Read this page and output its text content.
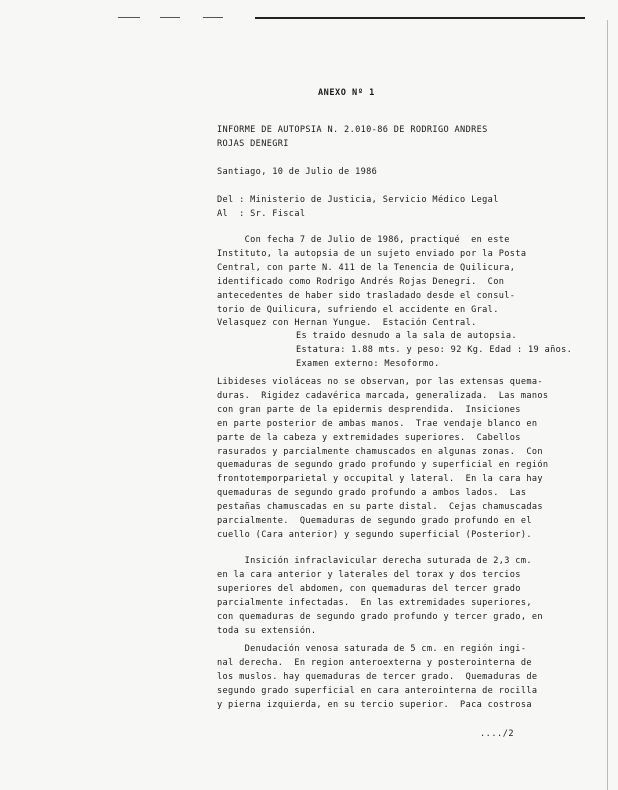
ANEXO Nº 1
INFORME DE AUTOPSIA N. 2.010-86 DE RODRIGO ANDRES
ROJAS DENEGRI
Santiago, 10 de Julio de 1986
Del : Ministerio de Justicia, Servicio Médico Legal
Al  : Sr. Fiscal
Con fecha 7 de Julio de 1986, practiqué  en este
Instituto, la autopsia de un sujeto enviado por la Posta
Central, con parte N. 411 de la Tenencia de Quilicura,
identificado como Rodrigo Andrés Rojas Denegri.  Con
antecedentes de haber sido trasladado desde el consul-
torio de Quilicura, sufriendo el accidente en Gral.
Velasquez con Hernan Yungue.  Estación Central.
Es traido desnudo a la sala de autopsia.
Estatura: 1.88 mts. y peso: 92 Kg. Edad : 19 años.
Examen externo: Mesoformo.
Libideses violáceas no se observan, por las extensas quema-
duras.  Rigidez cadavérica marcada, generalizada.  Las manos
con gran parte de la epidermis desprendida.  Insiciones
en parte posterior de ambas manos.  Trae vendaje blanco en
parte de la cabeza y extremidades superiores.  Cabellos
rasurados y parcialmente chamuscados en algunas zonas.  Con
quemaduras de segundo grado profundo y superficial en región
frontotemporparietal y occupital y lateral.  En la cara hay
quemaduras de segundo grado profundo a ambos lados.  Las
pestañas chamuscadas en su parte distal.  Cejas chamuscadas
parcialmente.  Quemaduras de segundo grado profundo en el
cuello (Cara anterior) y segundo superficial (Posterior).
Insición infraclavicular derecha suturada de 2,3 cm.
en la cara anterior y laterales del torax y dos tercios
superiores del abdomen, con quemaduras del tercer grado
parcialmente infectadas.  En las extremidades superiores,
con quemaduras de segundo grado profundo y tercer grado, en
toda su extensión.
Denudación venosa saturada de 5 cm. en región ingi-
nal derecha.  En region anteroexterna y posterointerna de
los muslos. hay quemaduras de tercer grado.  Quemaduras de
segundo grado superficial en cara anterointerna de rocilla
y pierna izquierda, en su tercio superior.  Paca costrosa
..../2
